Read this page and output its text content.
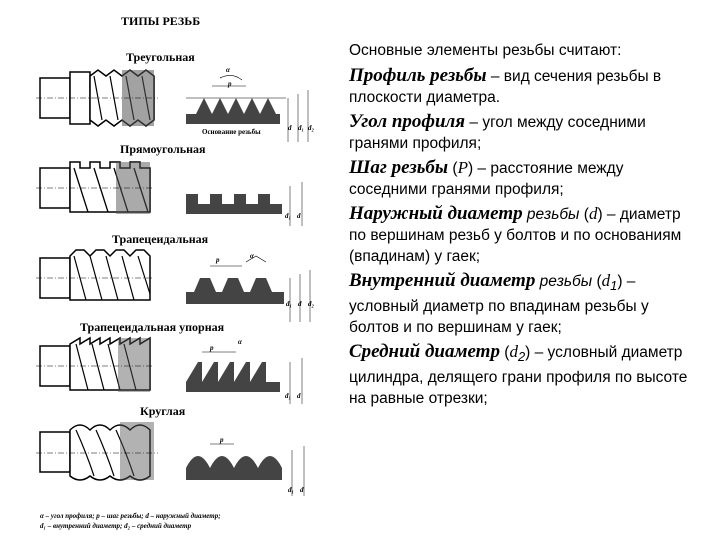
ТИПЫ РЕЗЬБ
Треугольная
α
p
d d₁ d₂
Основание резьбы
Прямоугольная
d
d₁
Трапецеидальная
p	α
d
d₁ d₂
Трапецеидальная упорная
p
α
d
d₁
Круглая
p
d
d₁
α – угол профиля; p – шаг резьбы; d – наружный диаметр;
d₁ – внутренний диаметр; d₂ – средний диаметр

Основные элементы резьбы считают:

Профиль резьбы – вид сечения резьбы в плоскости диаметра.

Угол профиля – угол между соседними гранями профиля;

Шаг резьбы (P) – расстояние между соседними гранями профиля;

Наружный диаметр резьбы (d) – диаметр по вершинам резьб у болтов и по основаниям (впадинам) у гаек;

Внутренний диаметр резьбы $(d_1)$ – условный диаметр по впадинам резьбы у болтов и по вершинам у гаек;

Средний диаметр $(d_2)$ – условный диаметр цилиндра, делящего грани профиля по высоте на равные отрезки;
